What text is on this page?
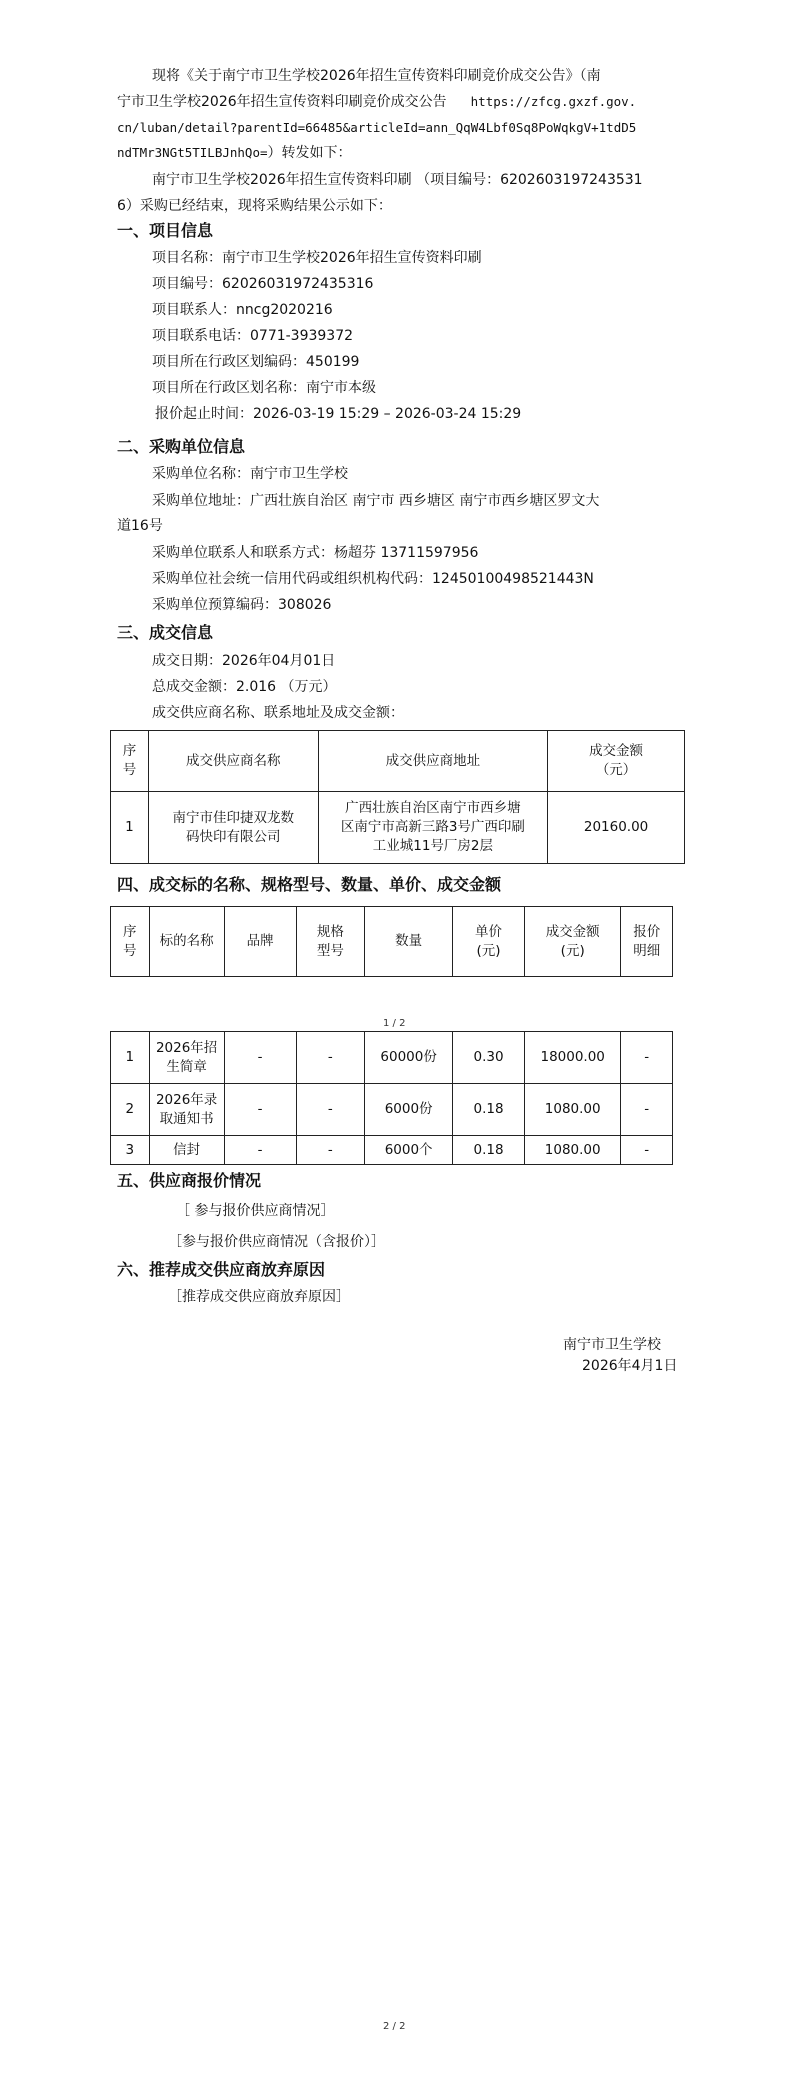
现将《关于南宁市卫生学校2026年招生宣传资料印刷竞价成交公告》（南
宁市卫生学校2026年招生宣传资料印刷竞价成交公告 https://zfcg.gxzf.gov.
cn/luban/detail?parentId=66485&articleId=ann_QqW4Lbf0Sq8PoWqkgV+1tdD5
ndTMr3NGt5TILBJnhQo=）转发如下：
南宁市卫生学校2026年招生宣传资料印刷 （项目编号：6202603197243531
6）采购已经结束，现将采购结果公示如下：
一、项目信息
项目名称：南宁市卫生学校2026年招生宣传资料印刷
项目编号：62026031972435316
项目联系人：nncg2020216
项目联系电话：0771-3939372
项目所在行政区划编码：450199
项目所在行政区划名称：南宁市本级
报价起止时间：2026-03-19 15:29 – 2026-03-24 15:29
二、采购单位信息
采购单位名称：南宁市卫生学校
采购单位地址：广西壮族自治区 南宁市 西乡塘区 南宁市西乡塘区罗文大
道16号
采购单位联系人和联系方式：杨超芬 13711597956
采购单位社会统一信用代码或组织机构代码：12450100498521443N
采购单位预算编码：308026
三、成交信息
成交日期：2026年04月01日
总成交金额：2.016 （万元）
成交供应商名称、联系地址及成交金额：
序
号	成交供应商名称	成交供应商地址	成交金额
（元）
1	南宁市佳印捷双龙数
码快印有限公司	广西壮族自治区南宁市西乡塘
区南宁市高新三路3号广西印刷
工业城11号厂房2层	20160.00
四、成交标的名称、规格型号、数量、单价、成交金额
序
号	标的名称	品牌	规格
型号	数量	单价
(元)	成交金额
(元)	报价
明细
1 / 2
1	2026年招
生简章	-	-	60000份	0.30	18000.00	-
2	2026年录
取通知书	-	-	6000份	0.18	1080.00	-
3	信封	-	-	6000个	0.18	1080.00	-
五、供应商报价情况
［ 参与报价供应商情况］
［参与报价供应商情况（含报价）］
六、推荐成交供应商放弃原因
［推荐成交供应商放弃原因］
南宁市卫生学校
2026年4月1日
2 / 2
